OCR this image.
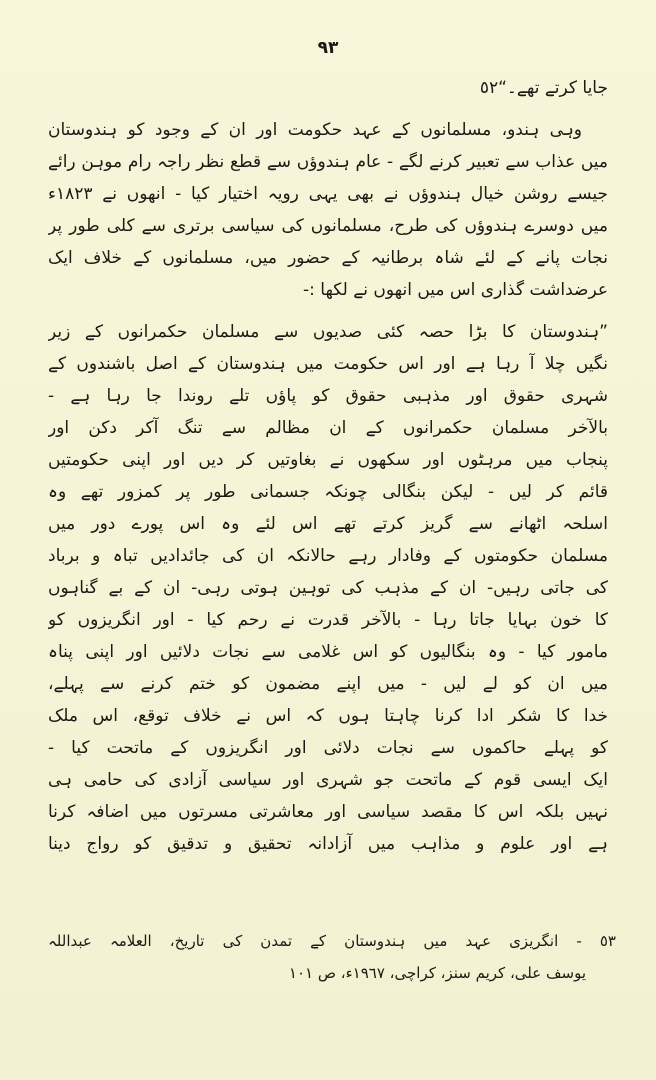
٩٣
جایا کرتے تھے۔“٥٢
وہی ہندو، مسلمانوں کے عہد حکومت اور ان کے وجود کو ہندوستان
میں عذاب سے تعبیر کرنے لگے - عام ہندوؤں سے قطع نظر راجہ رام موہن رائے
جیسے روشن خیال ہندوؤں نے بھی یہی رویہ اختیار کیا - انھوں نے ١٨٢٣ء
میں دوسرے ہندوؤں کی طرح، مسلمانوں کی سیاسی برتری سے کلی طور پر
نجات پانے کے لئے شاہ برطانیہ کے حضور میں، مسلمانوں کے خلاف ایک
عرضداشت گذاری اس میں انھوں نے لکھا :-
”ہندوستان کا بڑا حصہ کئی صدیوں سے مسلمان حکمرانوں کے زیر
نگیں چلا آ رہا ہے اور اس حکومت میں ہندوستان کے اصل باشندوں کے
شہری حقوق اور مذہبی حقوق کو پاؤں تلے روندا جا رہا ہے -
بالآخر مسلمان حکمرانوں کے ان مظالم سے تنگ آکر دکن اور
پنجاب میں مرہٹوں اور سکھوں نے بغاوتیں کر دیں اور اپنی حکومتیں
قائم کر لیں - لیکن بنگالی چونکہ جسمانی طور پر کمزور تھے وہ
اسلحہ اٹھانے سے گریز کرتے تھے اس لئے وہ اس پورے دور میں
مسلمان حکومتوں کے وفادار رہے حالانکہ ان کی جائدادیں تباہ و برباد
کی جاتی رہیں- ان کے مذہب کی توہین ہوتی رہی- ان کے بے گناہوں
کا خون بہایا جاتا رہا - بالآخر قدرت نے رحم کیا - اور انگریزوں کو
مامور کیا - وہ بنگالیوں کو اس غلامی سے نجات دلائیں اور اپنی پناہ
میں ان کو لے لیں - میں اپنے مضمون کو ختم کرنے سے پہلے،
خدا کا شکر ادا کرنا چاہتا ہوں کہ اس نے خلاف توقع، اس ملک
کو پہلے حاکموں سے نجات دلائی اور انگریزوں کے ماتحت کیا -
ایک ایسی قوم کے ماتحت جو شہری اور سیاسی آزادی کی حامی ہی
نہیں بلکہ اس کا مقصد سیاسی اور معاشرتی مسرتوں میں اضافہ کرنا
ہے اور علوم و مذاہب میں آزادانہ تحقیق و تدقیق کو رواج دینا
٥٣ - انگریزی عہد میں ہندوستان کے تمدن کی تاریخ، العلامہ عبداللہ
یوسف علی، کریم سنز، کراچی، ١٩٦٧ء، ص ١٠١
